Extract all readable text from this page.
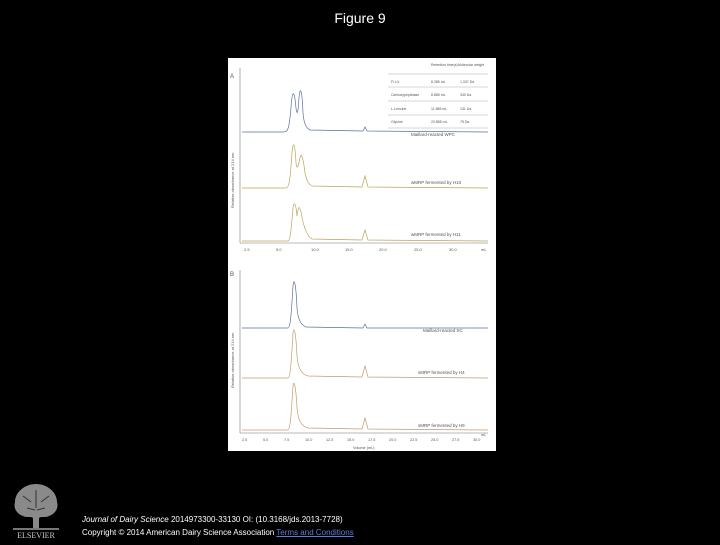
Figure 9
A
Relative absorbance at 214 nm
Retention time(s) Molecular weight
Fl.L/L	8.385 mL	1,337 Da
Carboxypeptidase	8.885 mL	340 Da
L-Leucine	11.885 mL	131 Da
Glycine	20.885 mL	75 Da
Maillard-reacted WPC
wMRP fermented by H10
wMRP fermented by H11
2.5	5.0	10.0	15.0	20.0	25.0	30.0	mL
B
Relative absorbance at 214 nm
Maillard-reacted SC
sMRP fermented by H4
sMRP fermented by H9
2.5	5.0	7.5	10.0	12.5	15.0	17.5	20.0	22.5	25.0	27.5	30.0
mL
Volume (mL)
ELSEVIER
Journal of Dairy Science 2014973300-33130 OI: (10.3168/jds.2013-7728)
Copyright © 2014 American Dairy Science Association Terms and Conditions
